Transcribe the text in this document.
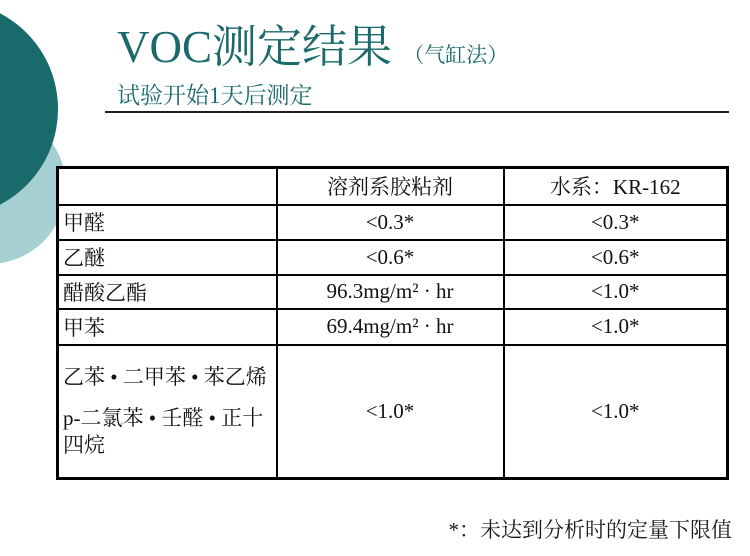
VOC测定结果 （气缸法）
试验开始1天后测定
	溶剂系胶粘剂	水系：KR-162
甲醛	<0.3*	<0.3*
乙醚	<0.6*	<0.6*
醋酸乙酯	96.3mg/m² · hr	<1.0*
甲苯	69.4mg/m² · hr	<1.0*

乙苯 • 二甲苯 • 苯乙烯
p-二氯苯 • 壬醛 • 正十四烷	<1.0*	<1.0*
*：未达到分析时的定量下限值
